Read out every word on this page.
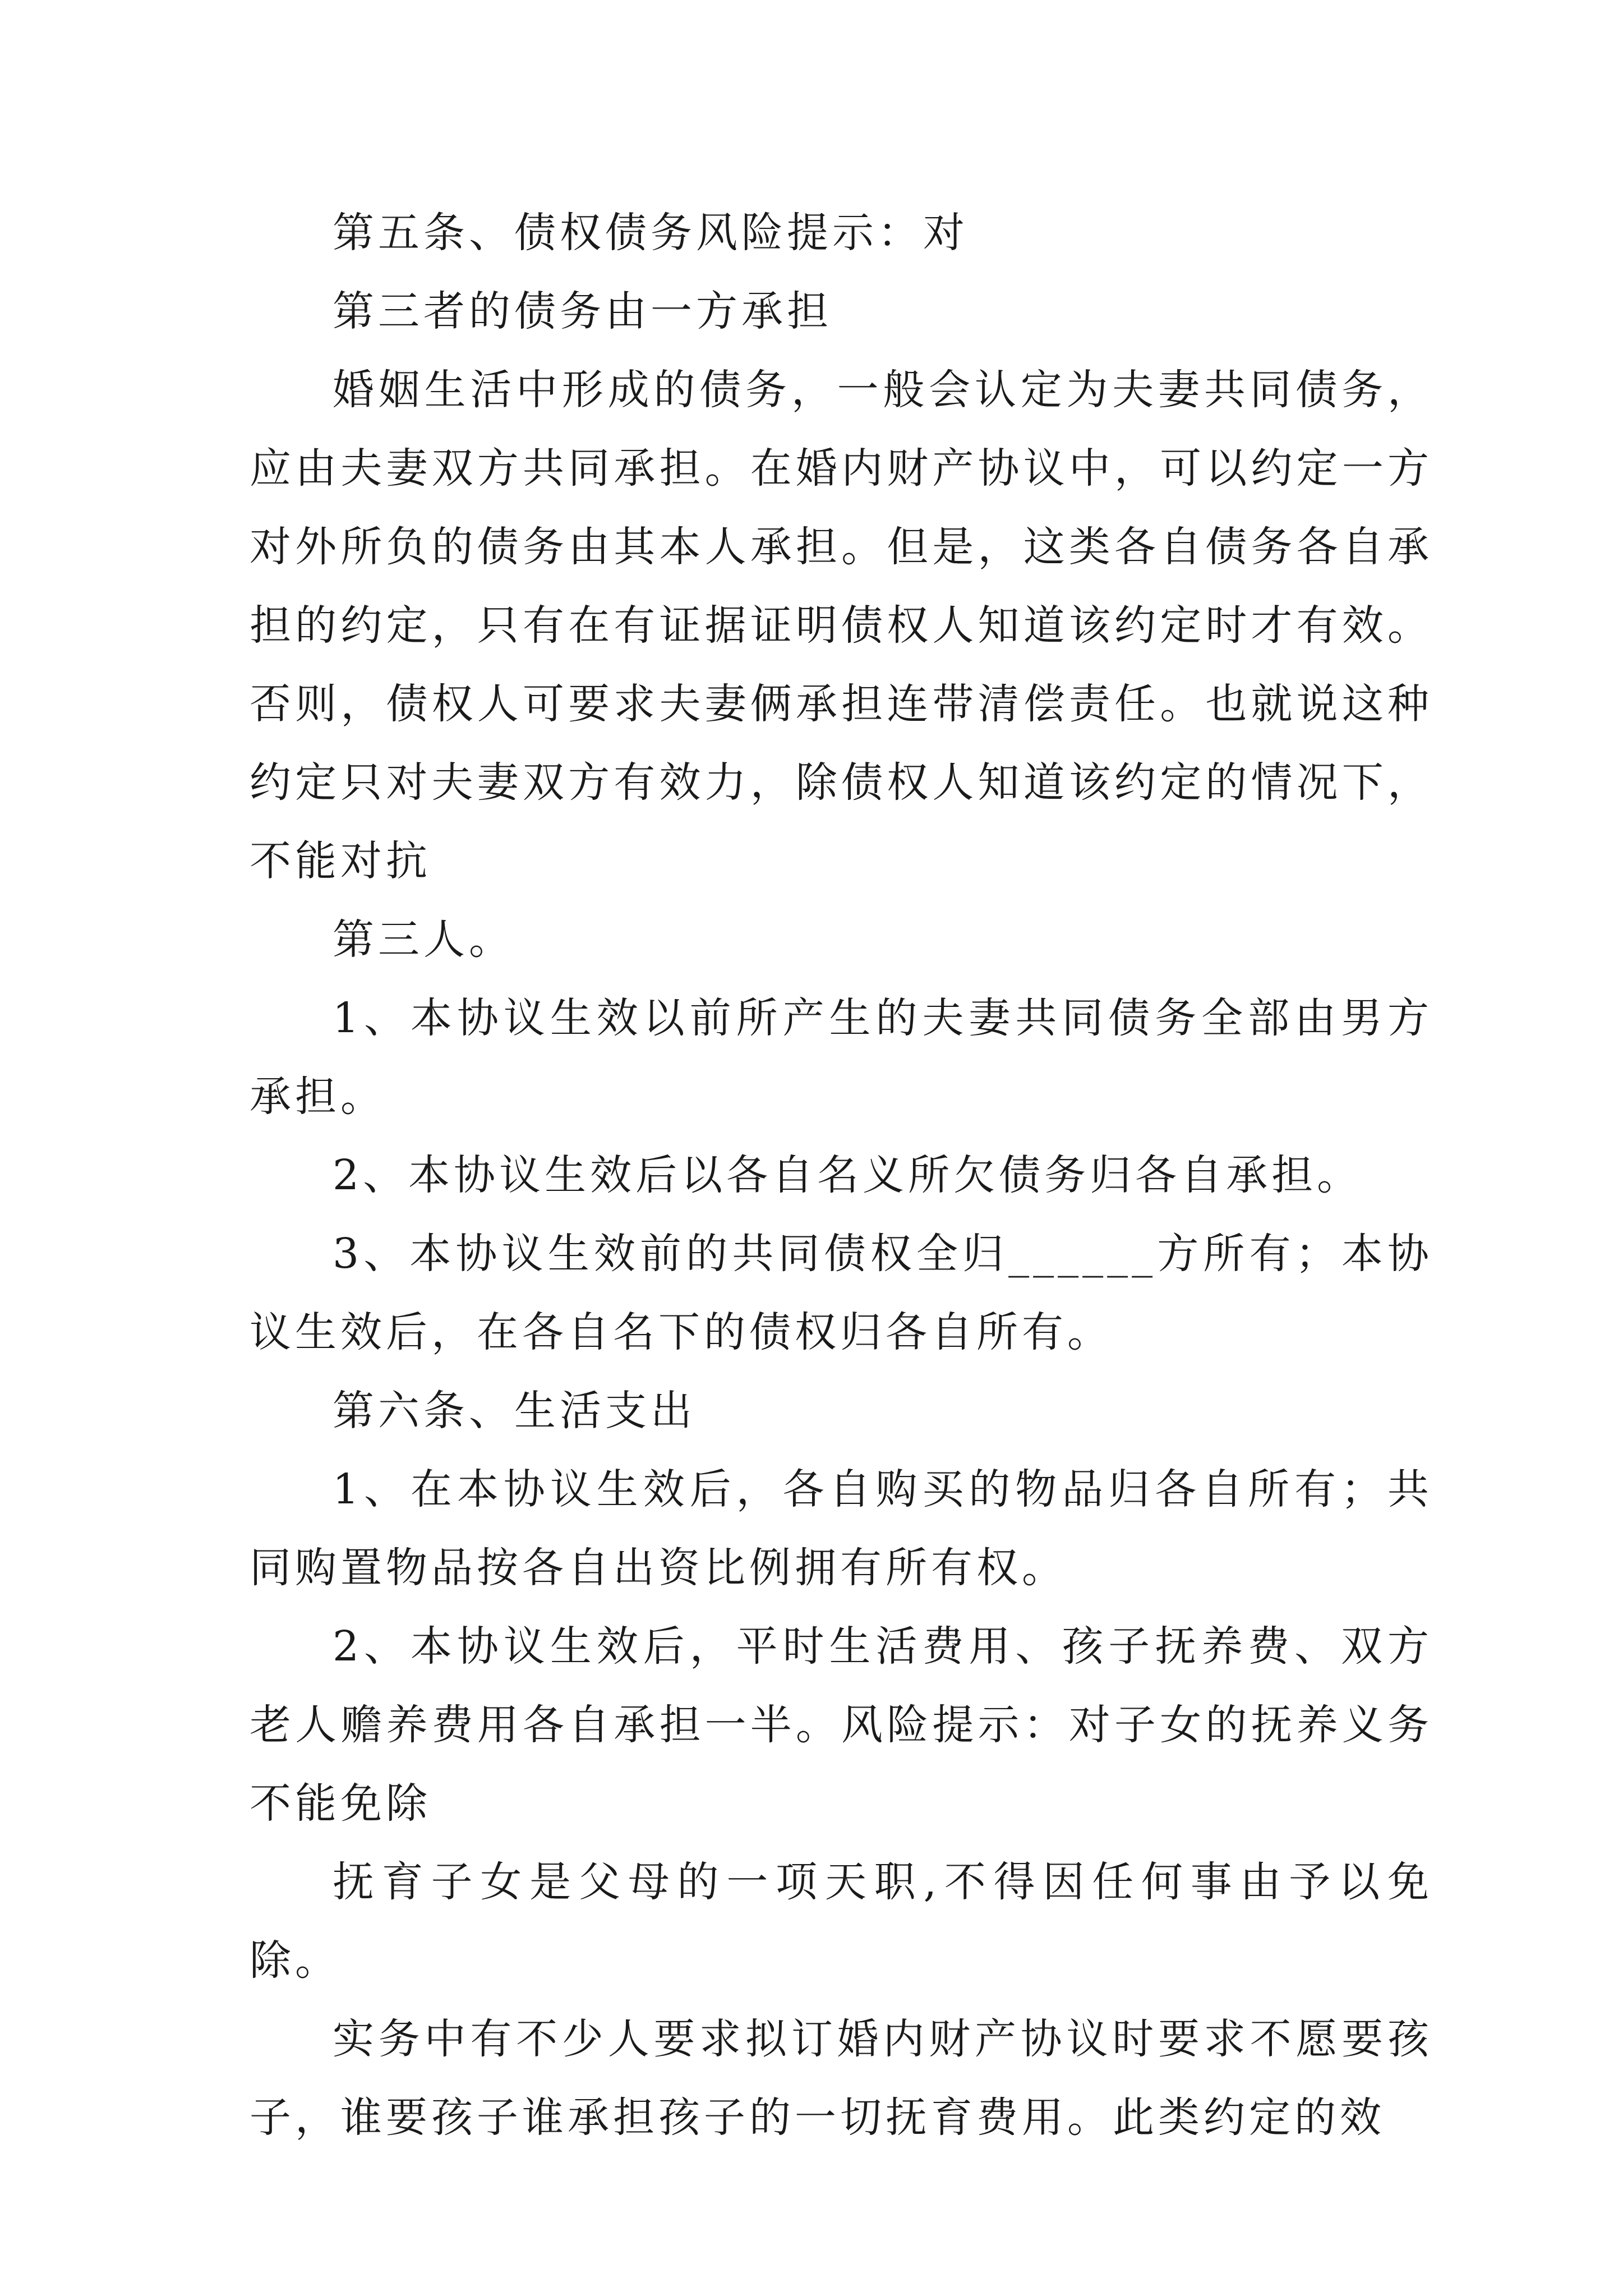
第五条、债权债务风险提示：对

第三者的债务由一方承担

婚姻生活中形成的债务，一般会认定为夫妻共同债务，应由夫妻双方共同承担。在婚内财产协议中，可以约定一方对外所负的债务由其本人承担。但是，这类各自债务各自承担的约定，只有在有证据证明债权人知道该约定时才有效。否则，债权人可要求夫妻俩承担连带清偿责任。也就说这种约定只对夫妻双方有效力，除债权人知道该约定的情况下，不能对抗

第三人。

1、本协议生效以前所产生的夫妻共同债务全部由男方承担。

2、本协议生效后以各自名义所欠债务归各自承担。

3、本协议生效前的共同债权全归______方所有；本协议生效后，在各自名下的债权归各自所有。

第六条、生活支出

1、在本协议生效后，各自购买的物品归各自所有；共同购置物品按各自出资比例拥有所有权。

2、本协议生效后，平时生活费用、孩子抚养费、双方老人赡养费用各自承担一半。风险提示：对子女的抚养义务不能免除

抚育子女是父母的一项天职,不得因任何事由予以免除。

实务中有不少人要求拟订婚内财产协议时要求不愿要孩子，谁要孩子谁承担孩子的一切抚育费用。此类约定的效
